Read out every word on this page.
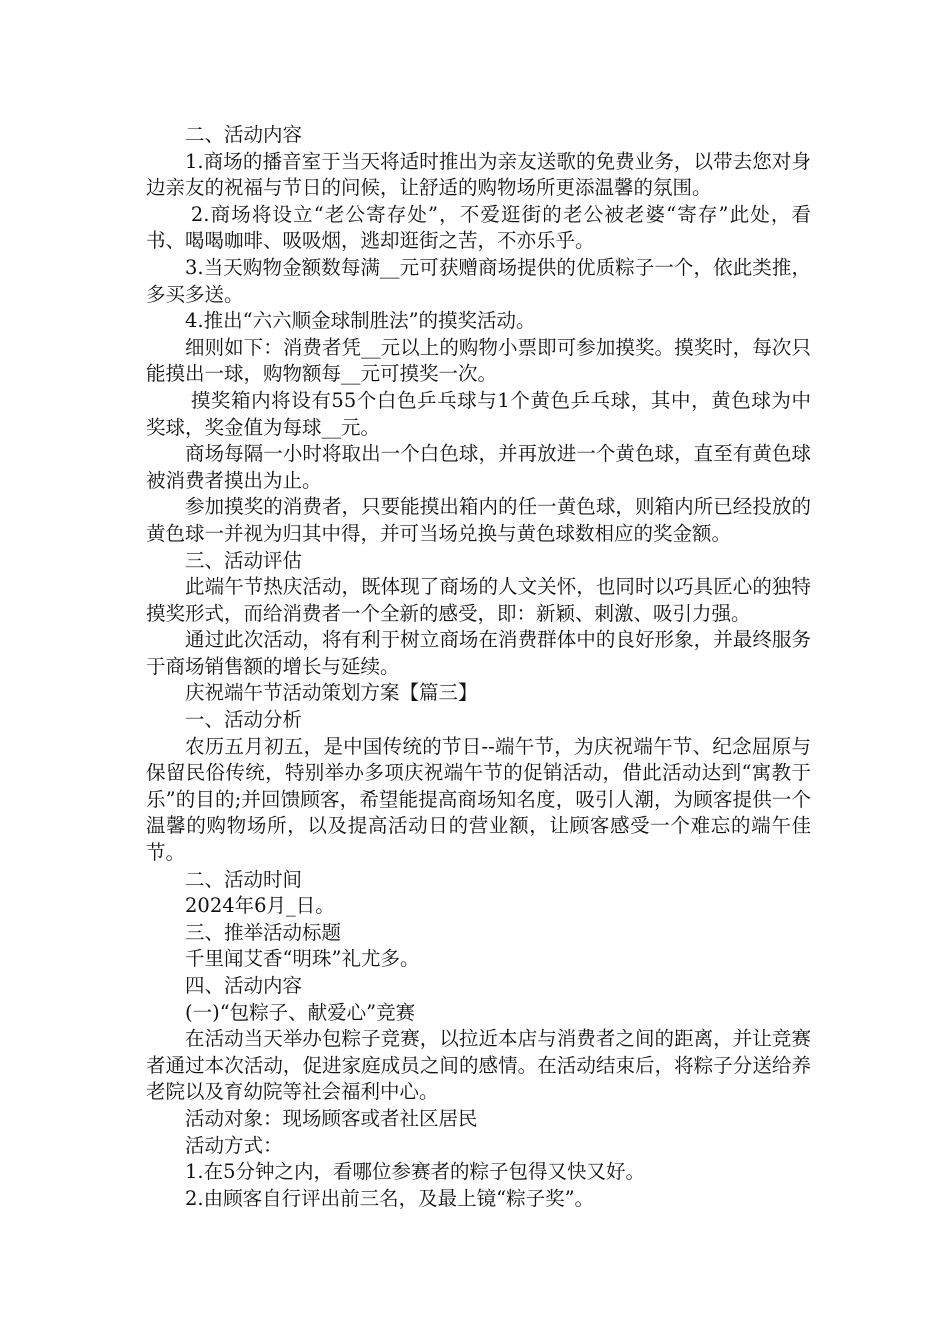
二、活动内容

1.商场的播音室于当天将适时推出为亲友送歌的免费业务，以带去您对身边亲友的祝福与节日的问候，让舒适的购物场所更添温馨的氛围。

2.商场将设立“老公寄存处”，不爱逛街的老公被老婆“寄存”此处，看书、喝喝咖啡、吸吸烟，逃却逛街之苦，不亦乐乎。

3.当天购物金额数每满__元可获赠商场提供的优质粽子一个，依此类推，多买多送。

4.推出“六六顺金球制胜法”的摸奖活动。

细则如下：消费者凭__元以上的购物小票即可参加摸奖。摸奖时，每次只能摸出一球，购物额每__元可摸奖一次。

摸奖箱内将设有55个白色乒乓球与1个黄色乒乓球，其中，黄色球为中奖球，奖金值为每球__元。

商场每隔一小时将取出一个白色球，并再放进一个黄色球，直至有黄色球被消费者摸出为止。

参加摸奖的消费者，只要能摸出箱内的任一黄色球，则箱内所已经投放的黄色球一并视为归其中得，并可当场兑换与黄色球数相应的奖金额。

三、活动评估

此端午节热庆活动，既体现了商场的人文关怀，也同时以巧具匠心的独特摸奖形式，而给消费者一个全新的感受，即：新颖、刺激、吸引力强。

通过此次活动，将有利于树立商场在消费群体中的良好形象，并最终服务于商场销售额的增长与延续。

庆祝端午节活动策划方案【篇三】

一、活动分析

农历五月初五，是中国传统的节日--端午节，为庆祝端午节、纪念屈原与保留民俗传统，特别举办多项庆祝端午节的促销活动，借此活动达到“寓教于乐”的目的;并回馈顾客，希望能提高商场知名度，吸引人潮，为顾客提供一个温馨的购物场所，以及提高活动日的营业额，让顾客感受一个难忘的端午佳节。

二、活动时间

2024年6月_日。

三、推举活动标题

千里闻艾香“明珠”礼尤多。

四、活动内容

(一)“包粽子、献爱心”竞赛

在活动当天举办包粽子竞赛，以拉近本店与消费者之间的距离，并让竞赛者通过本次活动，促进家庭成员之间的感情。在活动结束后，将粽子分送给养老院以及育幼院等社会福利中心。

活动对象：现场顾客或者社区居民

活动方式：

1.在5分钟之内，看哪位参赛者的粽子包得又快又好。

2.由顾客自行评出前三名，及最上镜“粽子奖”。
